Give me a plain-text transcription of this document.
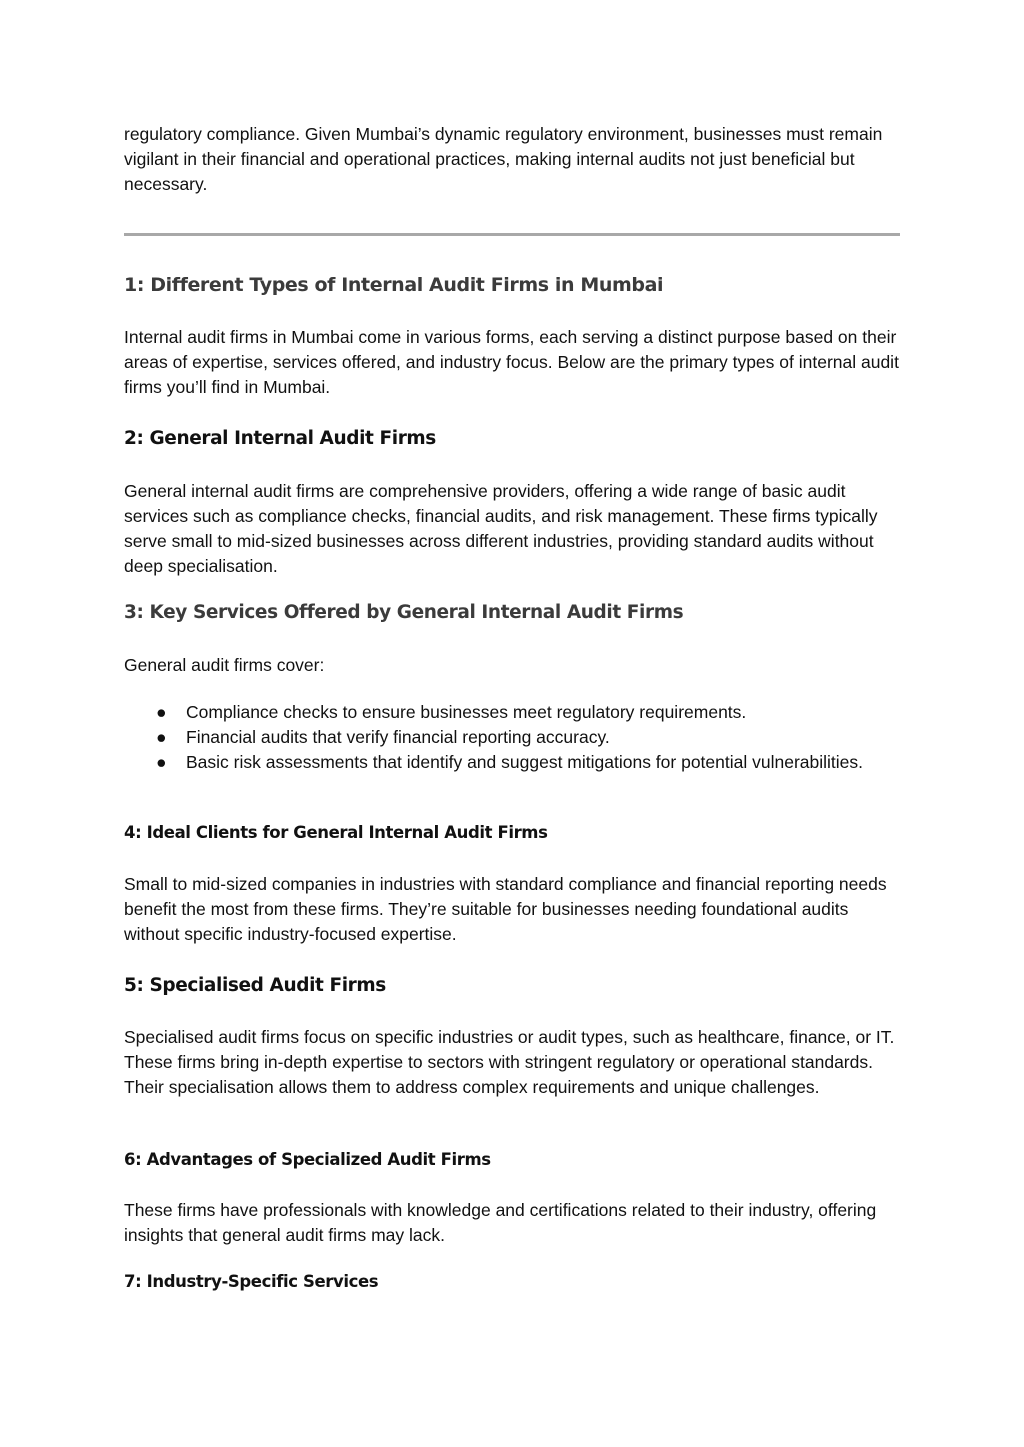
regulatory compliance. Given Mumbai’s dynamic regulatory environment, businesses must remain vigilant in their financial and operational practices, making internal audits not just beneficial but necessary.

1: Different Types of Internal Audit Firms in Mumbai

Internal audit firms in Mumbai come in various forms, each serving a distinct purpose based on their areas of expertise, services offered, and industry focus. Below are the primary types of internal audit firms you’ll find in Mumbai.

2: General Internal Audit Firms

General internal audit firms are comprehensive providers, offering a wide range of basic audit services such as compliance checks, financial audits, and risk management. These firms typically serve small to mid-sized businesses across different industries, providing standard audits without deep specialisation.

3: Key Services Offered by General Internal Audit Firms

General audit firms cover:

● Compliance checks to ensure businesses meet regulatory requirements.
● Financial audits that verify financial reporting accuracy.
● Basic risk assessments that identify and suggest mitigations for potential vulnerabilities.
4: Ideal Clients for General Internal Audit Firms

Small to mid-sized companies in industries with standard compliance and financial reporting needs benefit the most from these firms. They’re suitable for businesses needing foundational audits without specific industry-focused expertise.

5: Specialised Audit Firms

Specialised audit firms focus on specific industries or audit types, such as healthcare, finance, or IT. These firms bring in-depth expertise to sectors with stringent regulatory or operational standards. Their specialisation allows them to address complex requirements and unique challenges.

6: Advantages of Specialized Audit Firms

These firms have professionals with knowledge and certifications related to their industry, offering insights that general audit firms may lack.

7: Industry-Specific Services
